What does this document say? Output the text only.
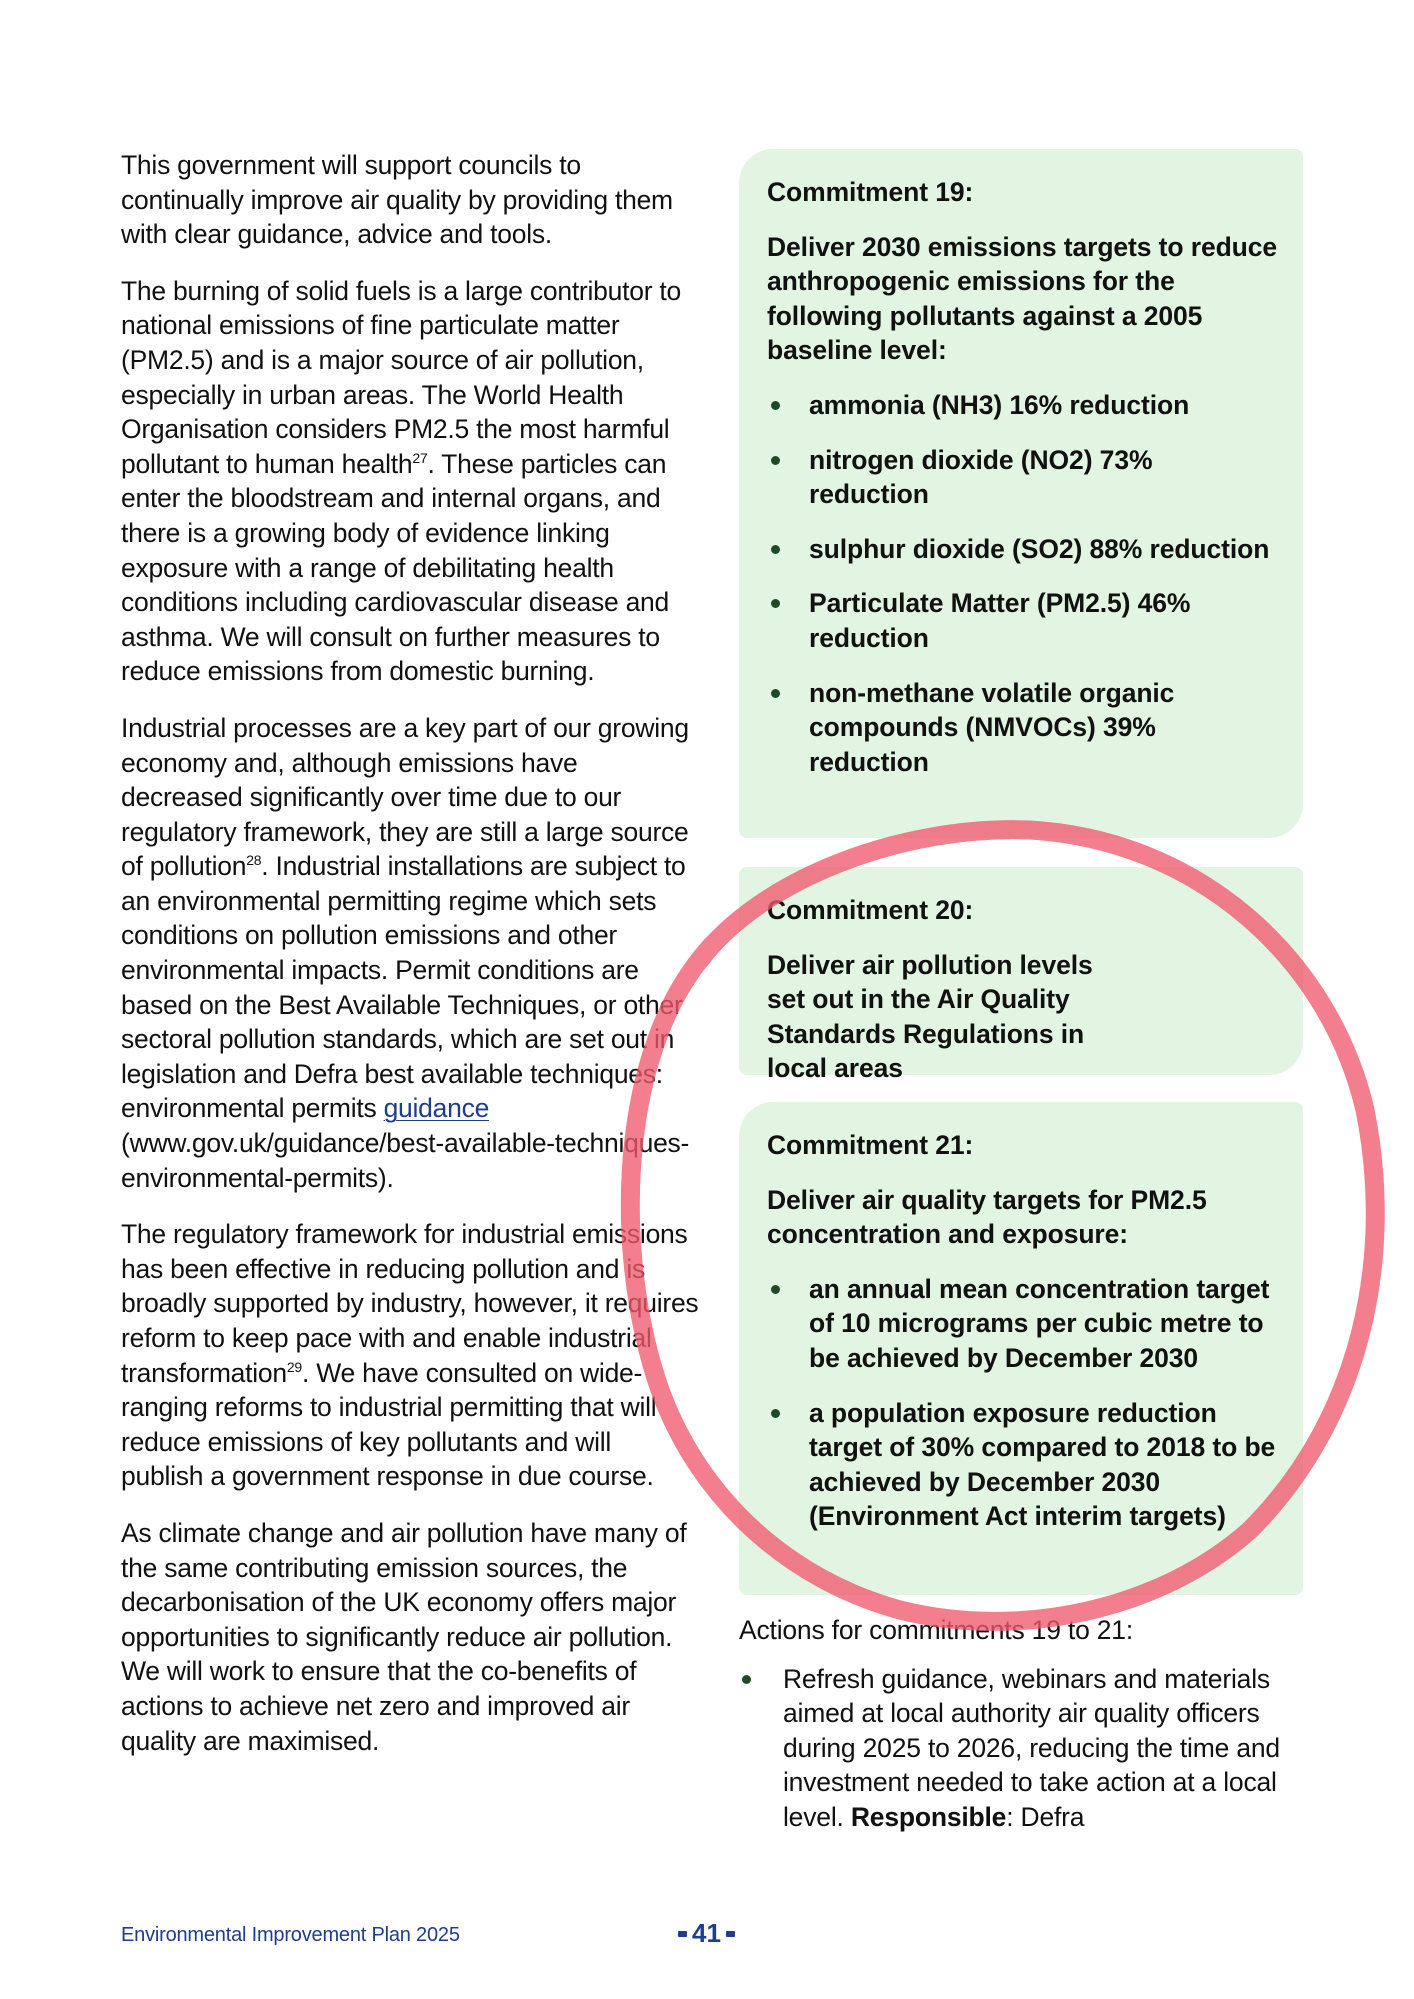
This government will support councils to continually improve air quality by providing them with clear guidance, advice and tools.

The burning of solid fuels is a large contributor to national emissions of fine particulate matter (PM2.5) and is a major source of air pollution, especially in urban areas. The World Health Organisation considers PM2.5 the most harmful pollutant to human health$^{27}$. These particles can enter the bloodstream and internal organs, and there is a growing body of evidence linking exposure with a range of debilitating health conditions including cardiovascular disease and asthma. We will consult on further measures to reduce emissions from domestic burning.

Industrial processes are a key part of our growing economy and, although emissions have decreased significantly over time due to our regulatory framework, they are still a large source of pollution$^{28}$. Industrial installations are subject to an environmental permitting regime which sets conditions on pollution emissions and other environmental impacts. Permit conditions are based on the Best Available Techniques, or other sectoral pollution standards, which are set out in legislation and Defra best available techniques: environmental permits guidance (www.gov.uk/guidance/best-available-techniques-environmental-permits).

The regulatory framework for industrial emissions has been effective in reducing pollution and is broadly supported by industry, however, it requires reform to keep pace with and enable industrial transformation$^{29}$. We have consulted on wide-ranging reforms to industrial permitting that will reduce emissions of key pollutants and will publish a government response in due course.

As climate change and air pollution have many of the same contributing emission sources, the decarbonisation of the UK economy offers major opportunities to significantly reduce air pollution. We will work to ensure that the co-benefits of actions to achieve net zero and improved air quality are maximised.

Commitment 19:

Deliver 2030 emissions targets to reduce anthropogenic emissions for the following pollutants against a 2005 baseline level:

ammonia (NH3) 16% reduction
nitrogen dioxide (NO2) 73% reduction
sulphur dioxide (SO2) 88% reduction
Particulate Matter (PM2.5) 46% reduction
non-methane volatile organic compounds (NMVOCs) 39% reduction

Commitment 20:

Deliver air pollution levels set out in the Air Quality Standards Regulations in local areas

Commitment 21:

Deliver air quality targets for PM2.5 concentration and exposure:

an annual mean concentration target of 10 micrograms per cubic metre to be achieved by December 2030
a population exposure reduction target of 30% compared to 2018 to be achieved by December 2030 (Environment Act interim targets)

Actions for commitments 19 to 21:

Refresh guidance, webinars and materials aimed at local authority air quality officers during 2025 to 2026, reducing the time and investment needed to take action at a local level. Responsible: Defra
Environmental Improvement Plan 2025	41
